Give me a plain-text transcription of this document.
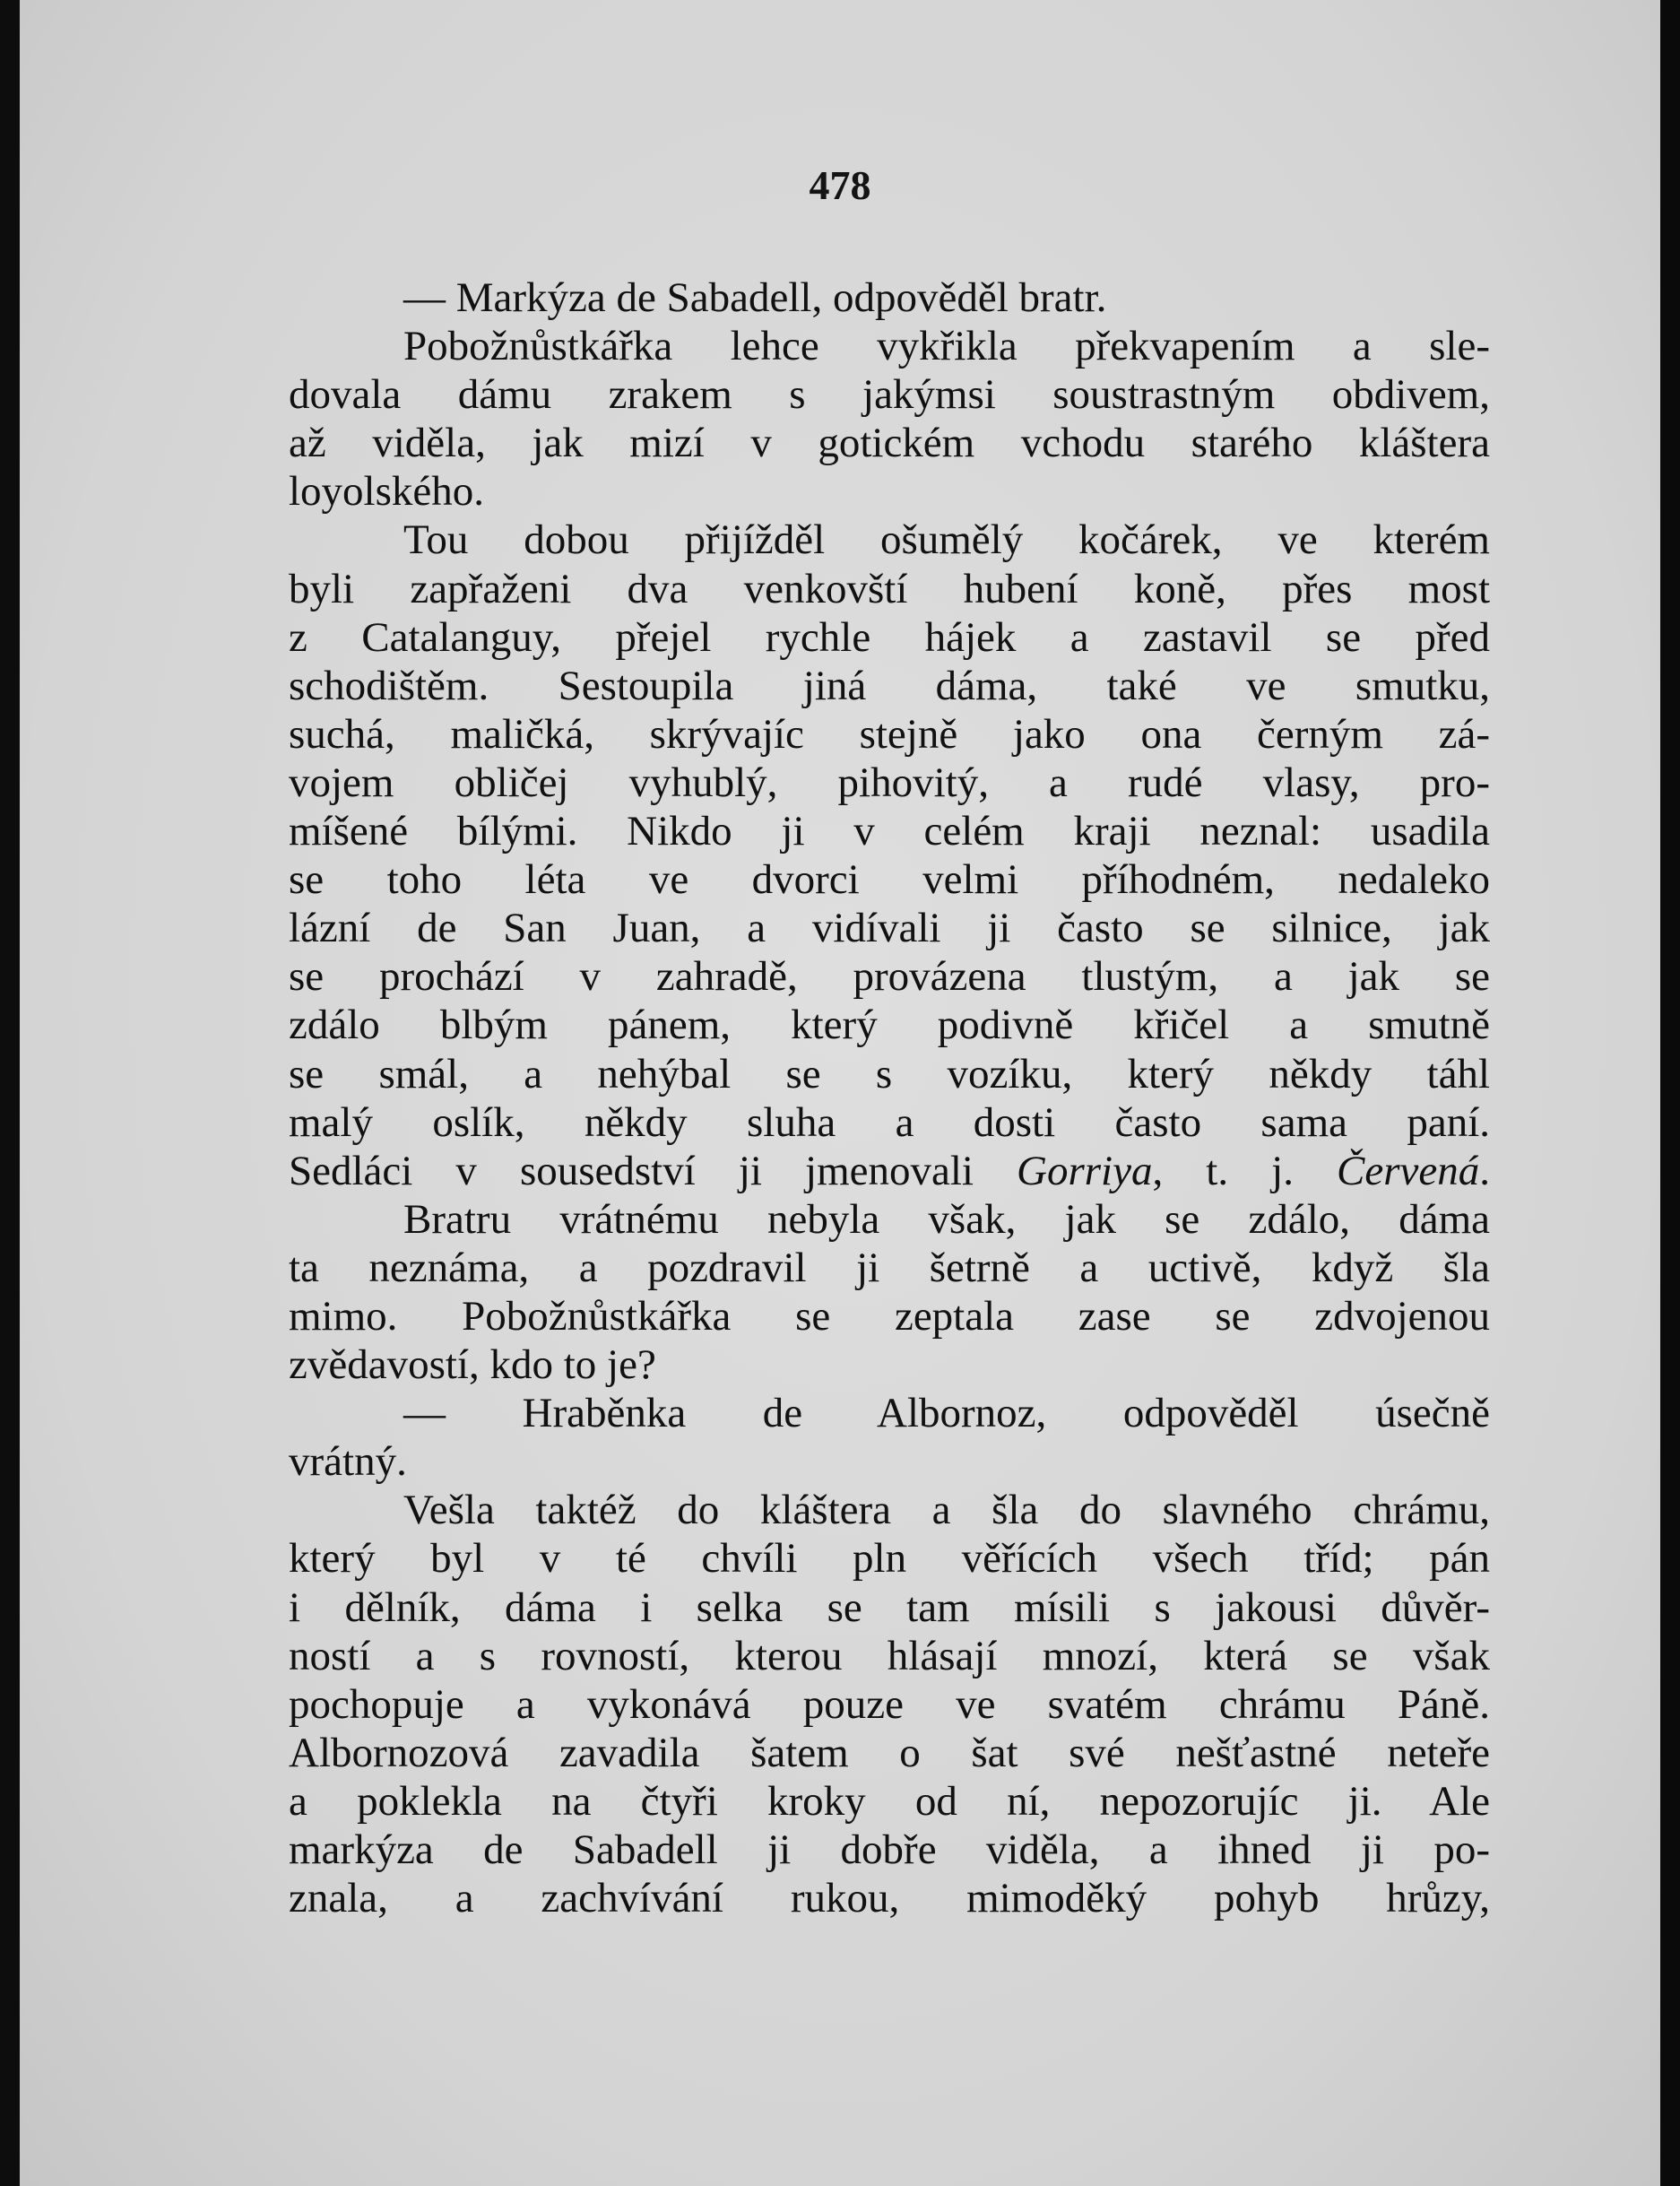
478

— Markýza de Sabadell, odpověděl bratr.

Pobožnůstkářka lehce vykřikla překvapením a sle-
dovala dámu zrakem s jakýmsi soustrastným obdivem,
až viděla, jak mizí v gotickém vchodu starého kláštera
loyolského.

Tou dobou přijížděl ošumělý kočárek, ve kterém
byli zapřaženi dva venkovští hubení koně, přes most
z Catalanguy, přejel rychle hájek a zastavil se před
schodištěm. Sestoupila jiná dáma, také ve smutku,
suchá, maličká, skrývajíc stejně jako ona černým zá-
vojem obličej vyhublý, pihovitý, a rudé vlasy, pro-
míšené bílými. Nikdo ji v celém kraji neznal: usadila
se toho léta ve dvorci velmi příhodném, nedaleko
lázní de San Juan, a vidívali ji často se silnice, jak
se prochází v zahradě, provázena tlustým, a jak se
zdálo blbým pánem, který podivně křičel a smutně
se smál, a nehýbal se s vozíku, který někdy táhl
malý oslík, někdy sluha a dosti často sama paní.
Sedláci v sousedství ji jmenovali Gorriya, t. j. Červená.

Bratru vrátnému nebyla však, jak se zdálo, dáma
ta neznáma, a pozdravil ji šetrně a uctivě, když šla
mimo. Pobožnůstkářka se zeptala zase se zdvojenou
zvědavostí, kdo to je?

— Hraběnka de Albornoz, odpověděl úsečně
vrátný.

Vešla taktéž do kláštera a šla do slavného chrámu,
který byl v té chvíli pln věřících všech tříd; pán
i dělník, dáma i selka se tam mísili s jakousi důvěr-
ností a s rovností, kterou hlásají mnozí, která se však
pochopuje a vykonává pouze ve svatém chrámu Páně.
Albornozová zavadila šatem o šat své nešťastné neteře
a poklekla na čtyři kroky od ní, nepozorujíc ji. Ale
markýza de Sabadell ji dobře viděla, a ihned ji po-
znala, a zachvívání rukou, mimoděký pohyb hrůzy,
